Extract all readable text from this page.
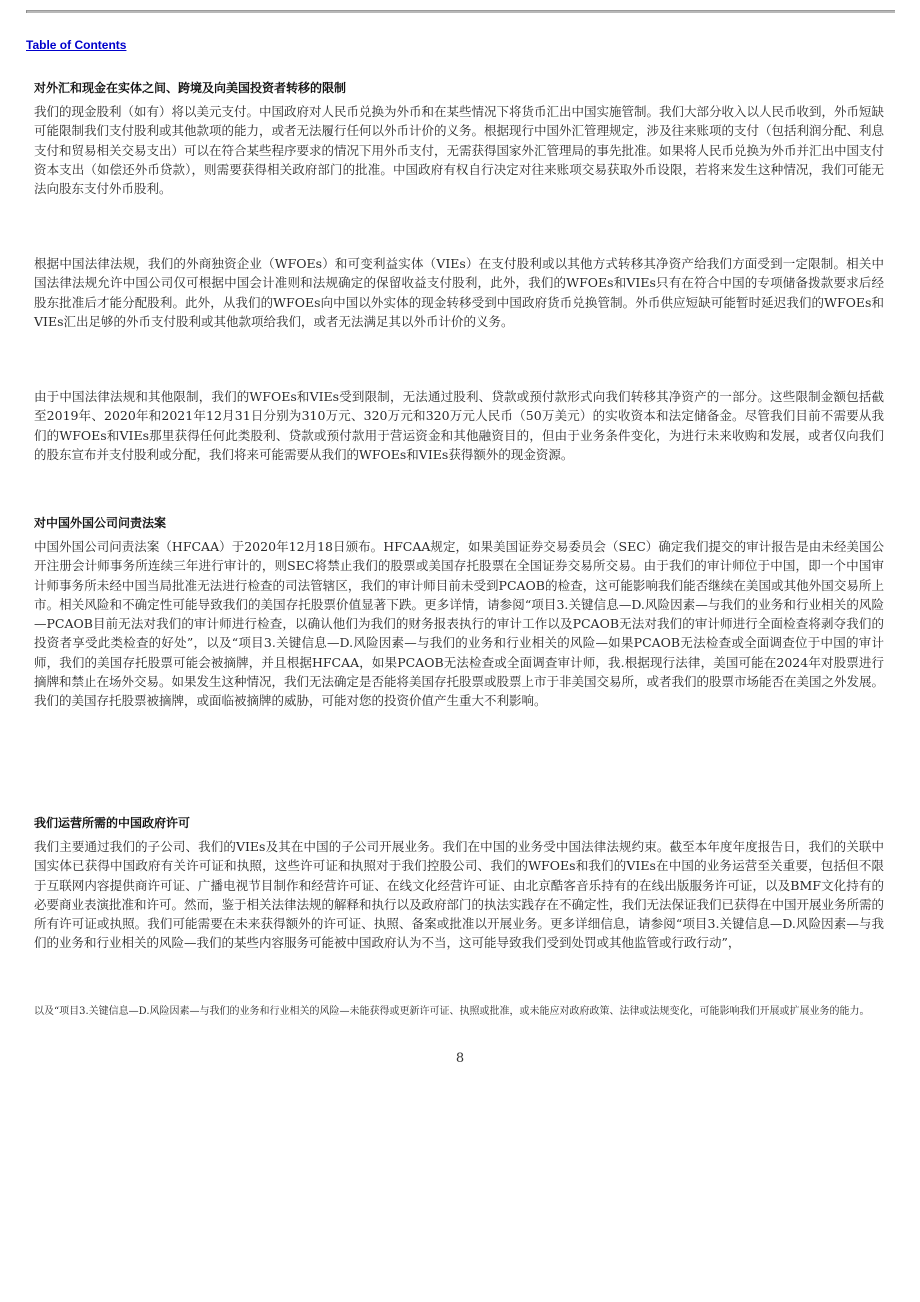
Table of Contents
对外汇和现金在实体之间、跨境及向美国投资者转移的限制
我们的现金股利（如有）将以美元支付。中国政府对人民币兑换为外币和在某些情况下将货币汇出中国实施管制。我们大部分收入以人民币收到，外币短缺可能限制我们支付股利或其他款项的能力，或者无法履行任何以外币计价的义务。根据现行中国外汇管理规定，涉及往来账项的支付（包括利润分配、利息支付和贸易相关交易支出）可以在符合某些程序要求的情况下用外币支付，无需获得国家外汇管理局的事先批准。如果将人民币兑换为外币并汇出中国支付资本支出（如偿还外币贷款），则需要获得相关政府部门的批准。中国政府有权自行决定对往来账项交易获取外币设限，若将来发生这种情况，我们可能无法向股东支付外币股利。
根据中国法律法规，我们的外商独资企业（WFOEs）和可变利益实体（VIEs）在支付股利或以其他方式转移其净资产给我们方面受到一定限制。相关中国法律法规允许中国公司仅可根据中国会计准则和法规确定的保留收益支付股利，此外，我们的WFOEs和VIEs只有在符合中国的专项储备拨款要求后经股东批准后才能分配股利。此外，从我们的WFOEs向中国以外实体的现金转移受到中国政府货币兑换管制。外币供应短缺可能暂时延迟我们的WFOEs和VIEs汇出足够的外币支付股利或其他款项给我们，或者无法满足其以外币计价的义务。
由于中国法律法规和其他限制，我们的WFOEs和VIEs受到限制，无法通过股利、贷款或预付款形式向我们转移其净资产的一部分。这些限制金额包括截至2019年、2020年和2021年12月31日分别为310万元、320万元和320万元人民币（50万美元）的实收资本和法定储备金。尽管我们目前不需要从我们的WFOEs和VIEs那里获得任何此类股利、贷款或预付款用于营运资金和其他融资目的，但由于业务条件变化，为进行未来收购和发展，或者仅向我们的股东宣布并支付股利或分配，我们将来可能需要从我们的WFOEs和VIEs获得额外的现金资源。
对中国外国公司问责法案
中国外国公司问责法案（HFCAA）于2020年12月18日颁布。HFCAA规定，如果美国证券交易委员会（SEC）确定我们提交的审计报告是由未经美国公开注册会计师事务所连续三年进行审计的，则SEC将禁止我们的股票或美国存托股票在全国证券交易所交易。由于我们的审计师位于中国，即一个中国审计师事务所未经中国当局批准无法进行检查的司法管辖区，我们的审计师目前未受到PCAOB的检查，这可能影响我们能否继续在美国或其他外国交易所上市。相关风险和不确定性可能导致我们的美国存托股票价值显著下跌。更多详情，请参阅“项目3.关键信息—D.风险因素—与我们的业务和行业相关的风险—PCAOB目前无法对我们的审计师进行检查，以确认他们为我们的财务报表执行的审计工作以及PCAOB无法对我们的审计师进行全面检查将剥夺我们的投资者享受此类检查的好处”，以及“项目3.关键信息—D.风险因素—与我们的业务和行业相关的风险—如果PCAOB无法检查或全面调查位于中国的审计师，我们的美国存托股票可能会被摘牌，并且根据HFCAA，如果PCAOB无法检查或全面调查审计师，我.根据现行法律，美国可能在2024年对股票进行摘牌和禁止在场外交易。如果发生这种情况，我们无法确定是否能将美国存托股票或股票上市于非美国交易所，或者我们的股票市场能否在美国之外发展。我们的美国存托股票被摘牌，或面临被摘牌的威胁，可能对您的投资价值产生重大不利影响。
我们运营所需的中国政府许可
我们主要通过我们的子公司、我们的VIEs及其在中国的子公司开展业务。我们在中国的业务受中国法律法规约束。截至本年度年度报告日，我们的关联中国实体已获得中国政府有关许可证和执照，这些许可证和执照对于我们控股公司、我们的WFOEs和我们的VIEs在中国的业务运营至关重要，包括但不限于互联网内容提供商许可证、广播电视节目制作和经营许可证、在线文化经营许可证、由北京酷客音乐持有的在线出版服务许可证，以及BMF文化持有的必要商业表演批准和许可。然而，鉴于相关法律法规的解释和执行以及政府部门的执法实践存在不确定性，我们无法保证我们已获得在中国开展业务所需的所有许可证或执照。我们可能需要在未来获得额外的许可证、执照、备案或批准以开展业务。更多详细信息，请参阅“项目3.关键信息—D.风险因素—与我们的业务和行业相关的风险—我们的某些内容服务可能被中国政府认为不当，这可能导致我们受到处罚或其他监管或行政行动”，
以及“项目3.关键信息—D.风险因素—与我们的业务和行业相关的风险—未能获得或更新许可证、执照或批准，或未能应对政府政策、法律或法规变化，可能影响我们开展或扩展业务的能力。
8
